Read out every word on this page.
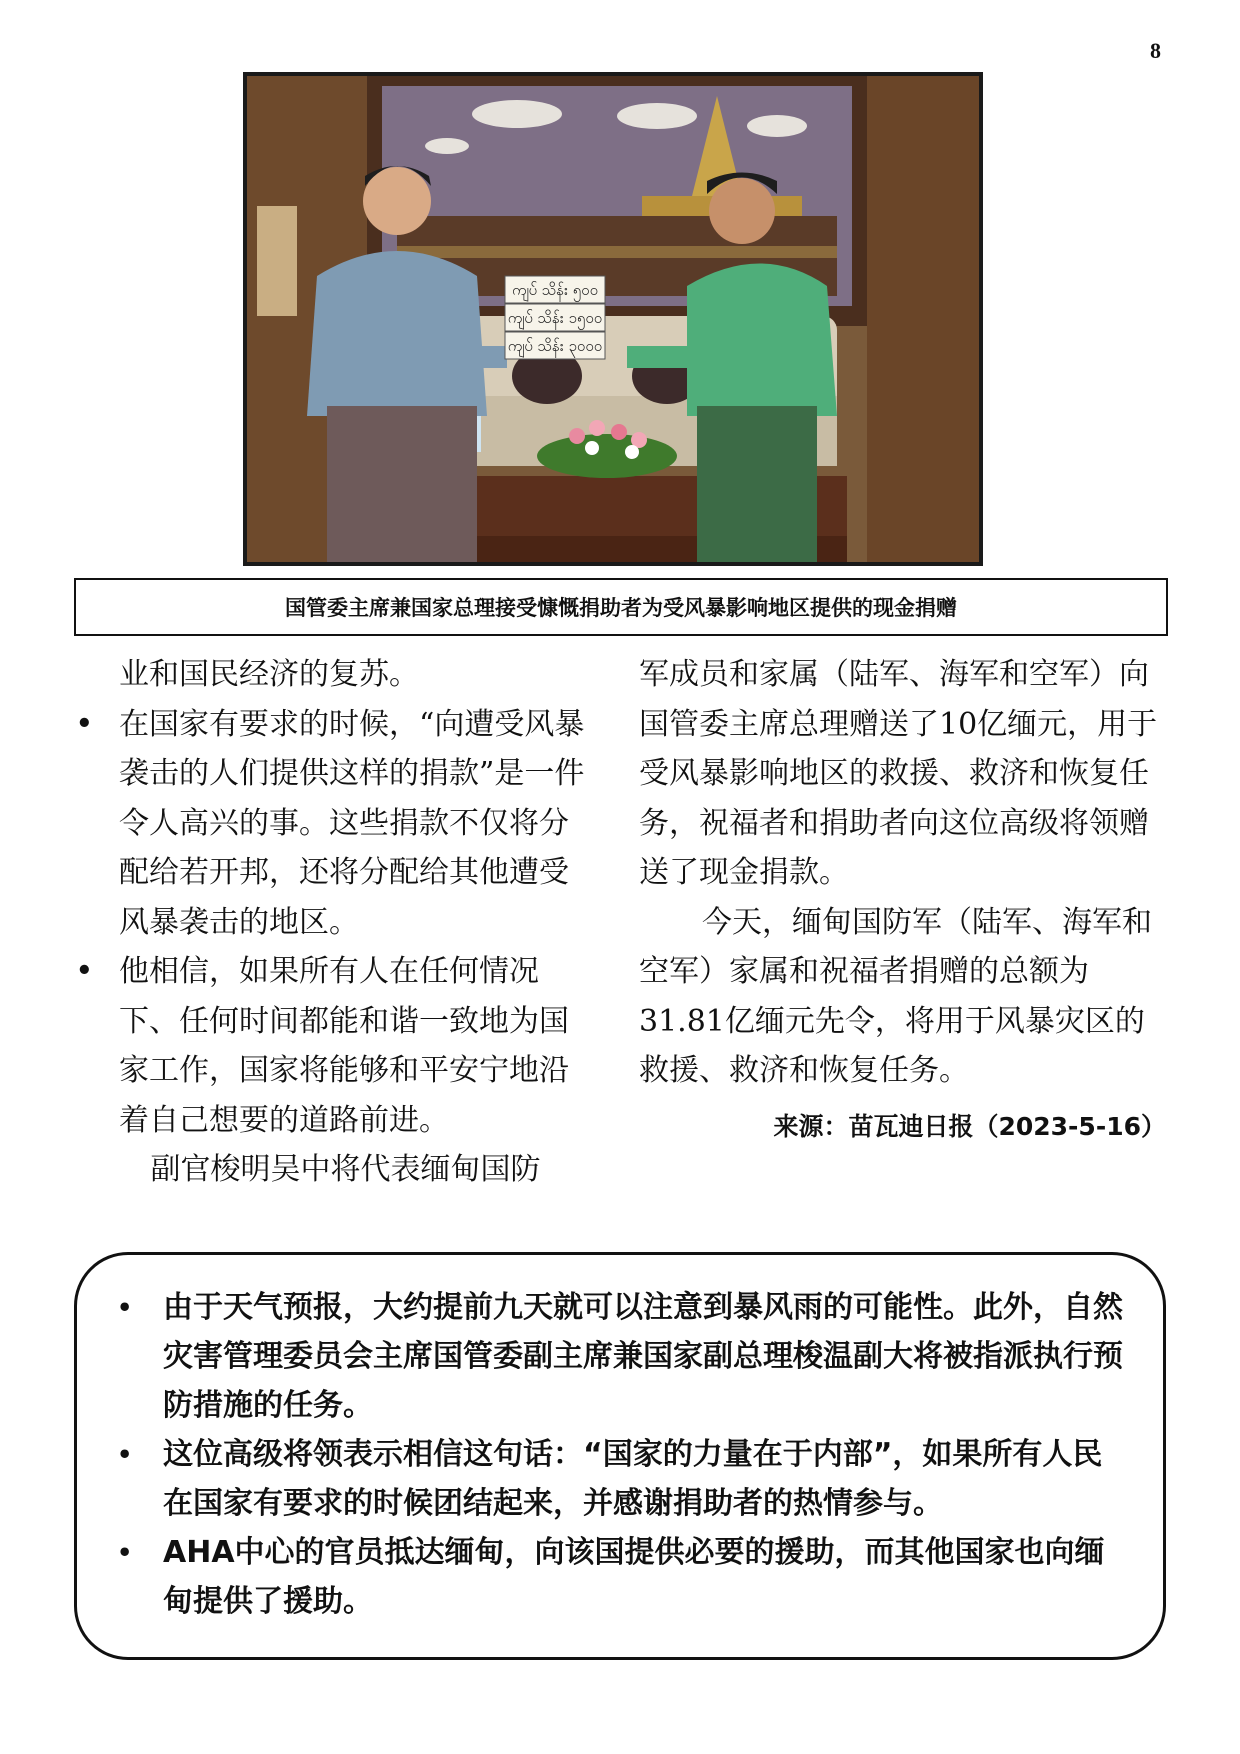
8
ကျပ် သိန်း ၅၀၀
ကျပ် သိန်း ၁၅၀၀
ကျပ် သိန်း ၃၀၀၀
国管委主席兼国家总理接受慷慨捐助者为受风暴影响地区提供的现金捐赠

业和国民经济的复苏。

• 在国家有要求的时候，“向遭受风暴袭击的人们提供这样的捐款”是一件令人高兴的事。这些捐款不仅将分配给若开邦，还将分配给其他遭受风暴袭击的地区。
• 他相信，如果所有人在任何情况下、任何时间都能和谐一致地为国家工作，国家将能够和平安宁地沿着自己想要的道路前进。

副官梭明吴中将代表缅甸国防

军成员和家属（陆军、海军和空军）向国管委主席总理赠送了10亿缅元，用于受风暴影响地区的救援、救济和恢复任务，祝福者和捐助者向这位高级将领赠送了现金捐款。

今天，缅甸国防军（陆军、海军和空军）家属和祝福者捐赠的总额为31.81亿缅元先令，将用于风暴灾区的救援、救济和恢复任务。

来源：苗瓦迪日报（2023-5-16）

• 由于天气预报，大约提前九天就可以注意到暴风雨的可能性。此外，自然灾害管理委员会主席国管委副主席兼国家副总理梭温副大将被指派执行预防措施的任务。
• 这位高级将领表示相信这句话：“国家的力量在于内部”，如果所有人民在国家有要求的时候团结起来，并感谢捐助者的热情参与。
• AHA中心的官员抵达缅甸，向该国提供必要的援助，而其他国家也向缅甸提供了援助。
